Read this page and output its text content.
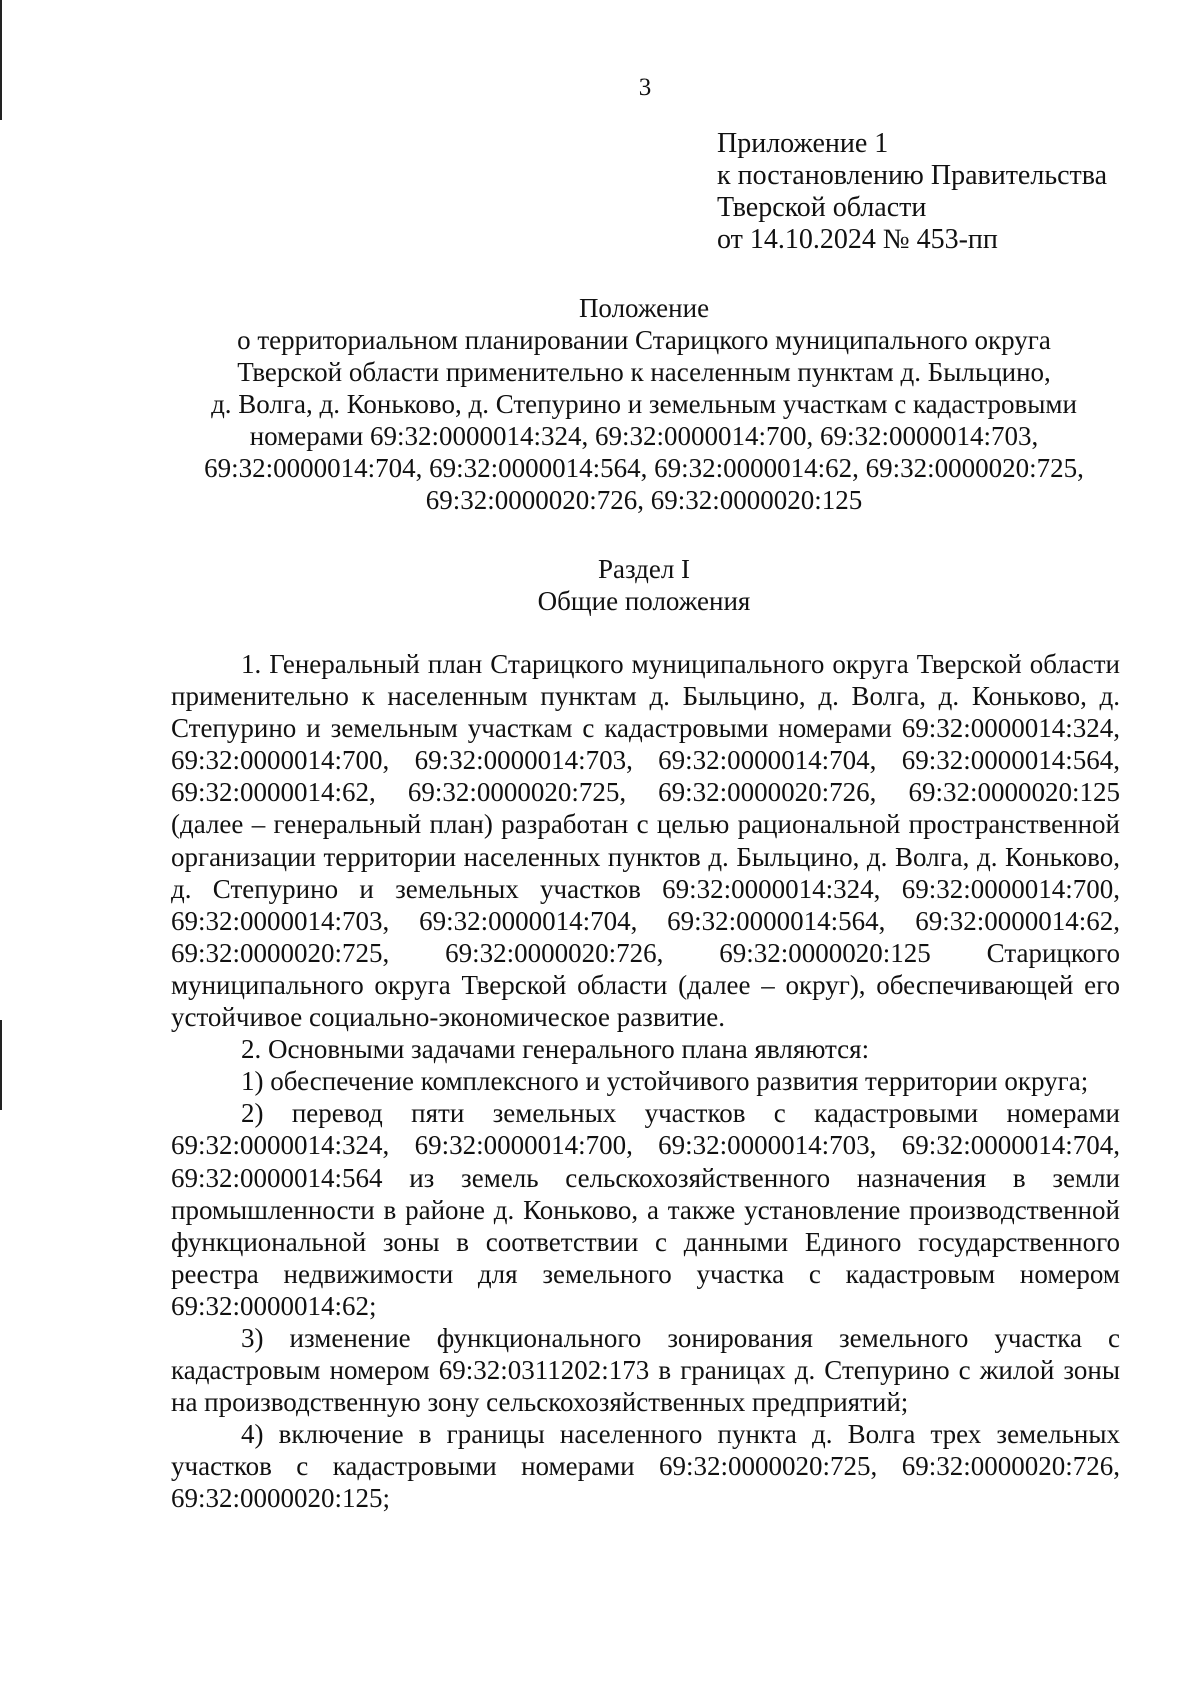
3
Приложение 1
к постановлению Правительства
Тверской области
от 14.10.2024 № 453-пп
Положение
о территориальном планировании Старицкого муниципального округа
Тверской области применительно к населенным пунктам д. Быльцино,
д. Волга, д. Коньково, д. Степурино и земельным участкам с кадастровыми
номерами 69:32:0000014:324, 69:32:0000014:700, 69:32:0000014:703,
69:32:0000014:704, 69:32:0000014:564, 69:32:0000014:62, 69:32:0000020:725,
69:32:0000020:726, 69:32:0000020:125
Раздел I
Общие положения

1. Генеральный план Старицкого муниципального округа Тверской области применительно к населенным пунктам д. Быльцино, д. Волга, д. Коньково, д. Степурино и земельным участкам с кадастровыми номерами 69:32:0000014:324, 69:32:0000014:700, 69:32:0000014:703, 69:32:0000014:704, 69:32:0000014:564, 69:32:0000014:62, 69:32:0000020:725, 69:32:0000020:726, 69:32:0000020:125 (далее – генеральный план) разработан с целью рациональной пространственной организации территории населенных пунктов д. Быльцино, д. Волга, д. Коньково, д. Степурино и земельных участков 69:32:0000014:324, 69:32:0000014:700, 69:32:0000014:703, 69:32:0000014:704, 69:32:0000014:564, 69:32:0000014:62, 69:32:0000020:725, 69:32:0000020:726, 69:32:0000020:125 Старицкого муниципального округа Тверской области (далее – округ), обеспечивающей его устойчивое социально-экономическое развитие.

2. Основными задачами генерального плана являются:

1) обеспечение комплексного и устойчивого развития территории округа;

2) перевод пяти земельных участков с кадастровыми номерами 69:32:0000014:324, 69:32:0000014:700, 69:32:0000014:703, 69:32:0000014:704, 69:32:0000014:564 из земель сельскохозяйственного назначения в земли промышленности в районе д. Коньково, а также установление производственной функциональной зоны в соответствии с данными Единого государственного реестра недвижимости для земельного участка с кадастровым номером 69:32:0000014:62;

3) изменение функционального зонирования земельного участка с кадастровым номером 69:32:0311202:173 в границах д. Степурино с жилой зоны на производственную зону сельскохозяйственных предприятий;

4) включение в границы населенного пункта д. Волга трех земельных участков с кадастровыми номерами 69:32:0000020:725, 69:32:0000020:726, 69:32:0000020:125;
